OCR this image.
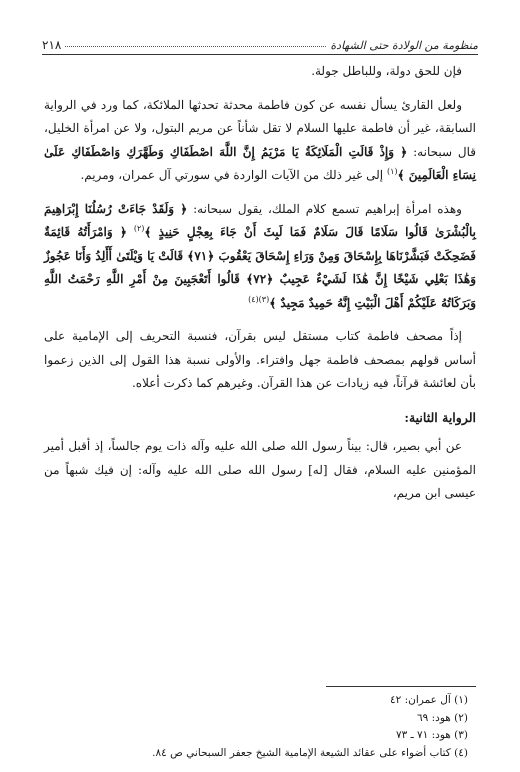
منظومة من الولادة حتى الشهادة
٢١٨

فإن للحق دولة، وللباطل جولة.

ولعل القارئ يسأل نفسه عن كون فاطمة محدثة تحدثها الملائكة، كما ورد في الرواية السابقة، غير أن فاطمة عليها السلام لا تقل شأناً عن مريم البتول، ولا عن امرأة الخليل، قال سبحانه: ﴿ وَإِذْ قَالَتِ الْمَلَائِكَةُ يَا مَرْيَمُ إِنَّ اللَّهَ اصْطَفَاكِ وَطَهَّرَكِ وَاصْطَفَاكِ عَلَىٰ نِسَاءِ الْعَالَمِينَ ﴾$^{(١)}$ إلى غير ذلك من الآيات الواردة في سورتي آل عمران، ومريم.

وهذه امرأة إبراهيم تسمع كلام الملك، يقول سبحانه: ﴿ وَلَقَدْ جَاءَتْ رُسُلُنَا إِبْرَاهِيمَ بِالْبُشْرَىٰ قَالُوا سَلَامًا قَالَ سَلَامٌ فَمَا لَبِثَ أَنْ جَاءَ بِعِجْلٍ حَنِيذٍ ﴾$^{(٢)}$ ﴿ وَامْرَأَتُهُ قَائِمَةٌ فَضَحِكَتْ فَبَشَّرْنَاهَا بِإِسْحَاقَ وَمِنْ وَرَاءِ إِسْحَاقَ يَعْقُوبَ ﴿٧١﴾ قَالَتْ يَا وَيْلَتَىٰ أَأَلِدُ وَأَنَا عَجُوزٌ وَهَٰذَا بَعْلِي شَيْخًا إِنَّ هَٰذَا لَشَيْءٌ عَجِيبٌ ﴿٧٢﴾ قَالُوا أَتَعْجَبِينَ مِنْ أَمْرِ اللَّهِ رَحْمَتُ اللَّهِ وَبَرَكَاتُهُ عَلَيْكُمْ أَهْلَ الْبَيْتِ إِنَّهُ حَمِيدٌ مَجِيدٌ ﴾$^{(٣)(٤)}$

إذاً مصحف فاطمة كتاب مستقل ليس بقرآن، فنسبة التحريف إلى الإمامية على أساس قولهم بمصحف فاطمة جهل وافتراء. والأولى نسبة هذا القول إلى الذين زعموا بأن لعائشة قرآناً، فيه زيادات عن هذا القرآن. وغيرهم كما ذكرت أعلاه.

الرواية الثانية:

عن أبي بصير، قال: بيناً رسول الله صلى الله عليه وآله ذات يوم جالساً، إذ أقبل أمير المؤمنين عليه السلام، فقال [له] رسول الله صلى الله عليه وآله: إن فيك شبهاً من عيسى ابن مريم،

(١) آل عمران: ٤٢
(٢) هود: ٦٩
(٣) هود: ٧١ ـ ٧٣
(٤) كتاب أضواء على عقائد الشيعة الإمامية الشيخ جعفر السبحاني ص ٨٤.
